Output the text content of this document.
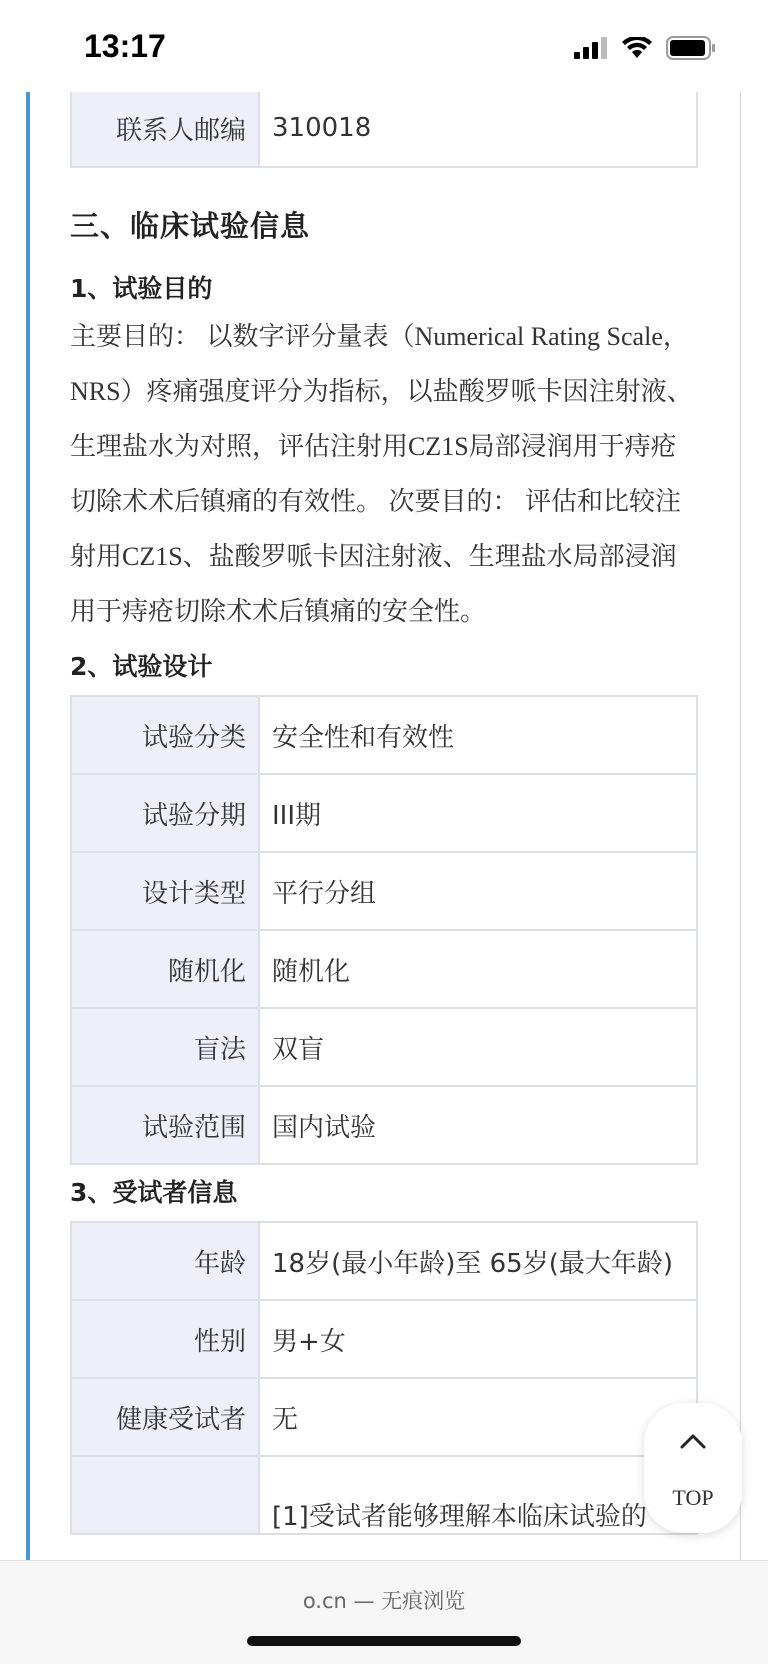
13:17
联系人邮编	310018
三、临床试验信息
1、试验目的

主要目的： 以数字评分量表（Numerical Rating Scale，NRS）疼痛强度评分为指标，以盐酸罗哌卡因注射液、生理盐水为对照，评估注射用CZ1S局部浸润用于痔疮切除术术后镇痛的有效性。 次要目的： 评估和比较注射用CZ1S、盐酸罗哌卡因注射液、生理盐水局部浸润用于痔疮切除术术后镇痛的安全性。

2、试验设计
试验分类	安全性和有效性
试验分期	III期
设计类型	平行分组
随机化	随机化
盲法	双盲
试验范围	国内试验
3、受试者信息
年龄	18岁(最小年龄)至 65岁(最大年龄)
性别	男+女
健康受试者	无
	[1]受试者能够理解本临床试验的
TOP
o.cn — 无痕浏览
